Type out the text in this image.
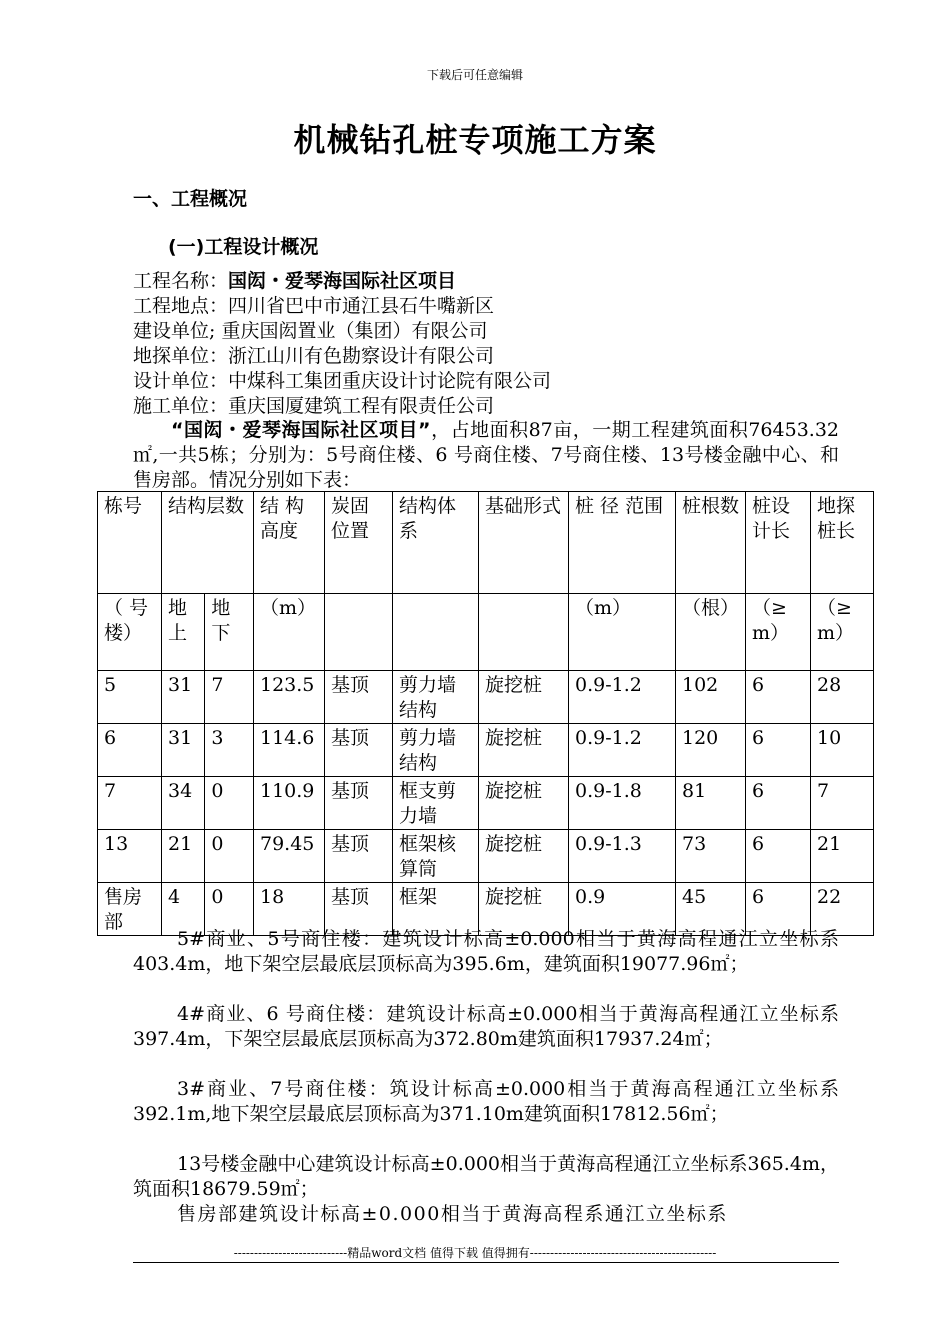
下载后可任意编辑
机械钻孔桩专项施工方案
一、工程概况
(一)工程设计概况
工程名称：国闳・爱琴海国际社区项目
工程地点：四川省巴中市通江县石牛嘴新区
建设单位; 重庆国闳置业（集团）有限公司
地探单位：浙江山川有色勘察设计有限公司
设计单位：中煤科工集团重庆设计讨论院有限公司
施工单位：重庆国厦建筑工程有限责任公司
“国闳・爱琴海国际社区项目”，占地面积87亩，一期工程建筑面积76453.32㎡,一共5栋；分别为：5号商住楼、6 号商住楼、7号商住楼、13号楼金融中心、和售房部。情况分别如下表：
栋号	结构层数		结 构 高度	炭固位置	结构体系	基础形式	桩 径 范围	桩根数	桩设计长	地探桩长
（ 号楼）	地上	地下	（m）				（m）	（根）	（≥ m）	（≥ m）
5	31	7	123.5	基顶	剪力墙结构	旋挖桩	0.9-1.2	102	6	28
6	31	3	114.6	基顶	剪力墙结构	旋挖桩	0.9-1.2	120	6	10
7	34	0	110.9	基顶	框支剪力墙	旋挖桩	0.9-1.8	81	6	7
13	21	0	79.45	基顶	框架核算筒	旋挖桩	0.9-1.3	73	6	21
售房部	4	0	18	基顶	框架	旋挖桩	0.9	45	6	22
5#商业、5号商住楼：建筑设计标高±0.000相当于黄海高程通江立坐标系403.4m，地下架空层最底层顶标高为395.6m，建筑面积19077.96㎡；
4#商业、6 号商住楼：建筑设计标高±0.000相当于黄海高程通江立坐标系397.4m，下架空层最底层顶标高为372.80m建筑面积17937.24㎡；
3#商业、7号商住楼：筑设计标高±0.000相当于黄海高程通江立坐标系392.1m,地下架空层最底层顶标高为371.10m建筑面积17812.56㎡；
13号楼金融中心建筑设计标高±0.000相当于黄海高程通江立坐标系365.4m，筑面积18679.59㎡；
售房部建筑设计标高±0.000相当于黄海高程系通江立坐标系
----------------------------精品word文档 值得下载 值得拥有----------------------------------------------
